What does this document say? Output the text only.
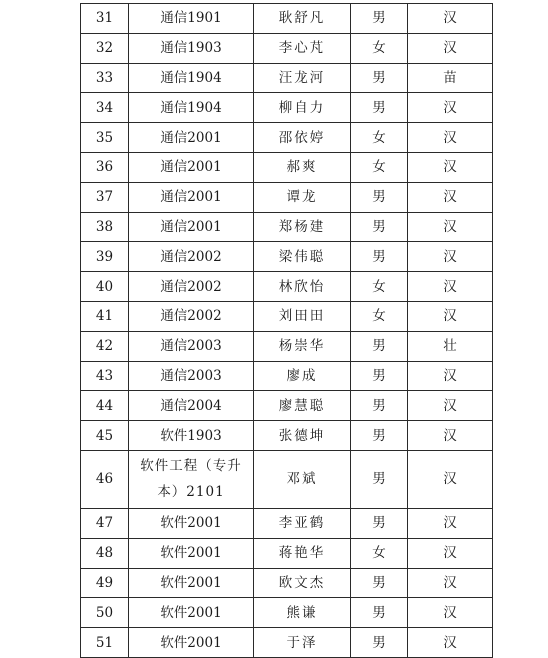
31	通信1901	耿舒凡	男	汉
32	通信1903	李心芃	女	汉
33	通信1904	汪龙河	男	苗
34	通信1904	柳自力	男	汉
35	通信2001	邵依婷	女	汉
36	通信2001	郝爽	女	汉
37	通信2001	谭龙	男	汉
38	通信2001	郑杨建	男	汉
39	通信2002	梁伟聪	男	汉
40	通信2002	林欣怡	女	汉
41	通信2002	刘田田	女	汉
42	通信2003	杨崇华	男	壮
43	通信2003	廖成	男	汉
44	通信2004	廖慧聪	男	汉
45	软件1903	张德坤	男	汉
46	软件工程（专升本）2101	邓斌	男	汉
47	软件2001	李亚鹤	男	汉
48	软件2001	蒋艳华	女	汉
49	软件2001	欧文杰	男	汉
50	软件2001	熊谦	男	汉
51	软件2001	于泽	男	汉
